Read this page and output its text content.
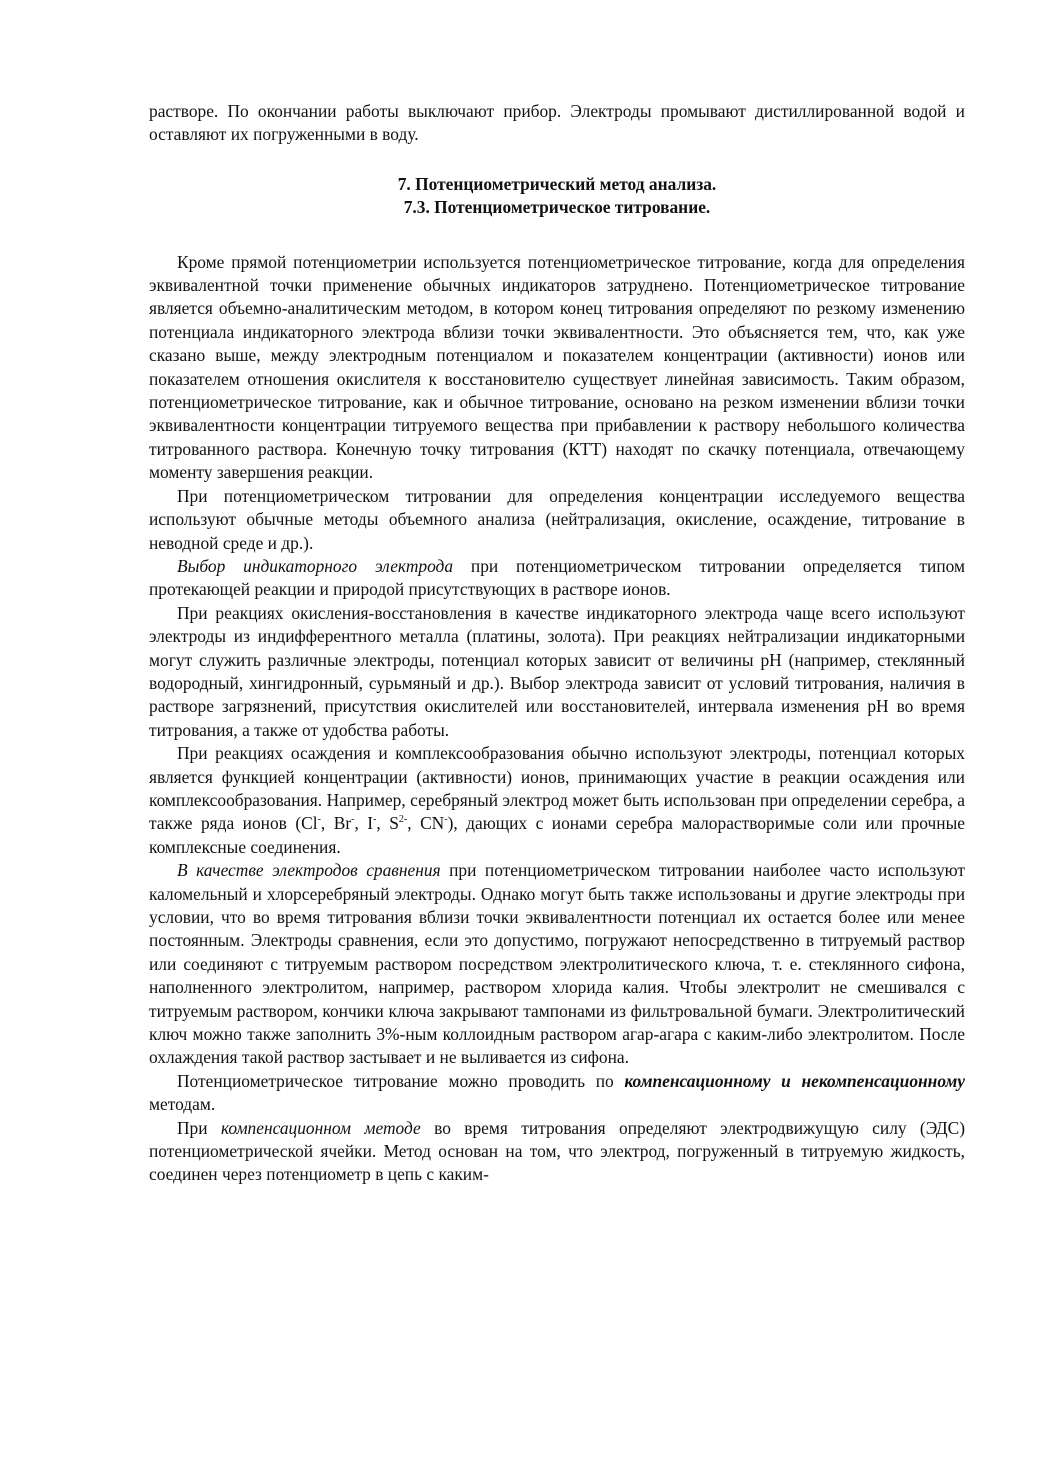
растворе. По окончании работы выключают прибор. Электроды промывают дистиллированной водой и оставляют их погруженными в воду.

7. Потенциометрический метод анализа.
7.3. Потенциометрическое титрование.

Кроме прямой потенциометрии используется потенциометрическое титрование, когда для определения эквивалентной точки применение обычных индикаторов затруднено. Потенциометрическое титрование является объемно-аналитическим методом, в котором конец титрования определяют по резкому изменению потенциала индикаторного электрода вблизи точки эквивалентности. Это объясняется тем, что, как уже сказано выше, между электродным потенциалом и показателем концентрации (активности) ионов или показателем отношения окислителя к восстановителю существует линейная зависимость. Таким образом, потенциометрическое титрование, как и обычное титрование, основано на резком изменении вблизи точки эквивалентности концентрации титруемого вещества при прибавлении к раствору небольшого количества титрованного раствора. Конечную точку титрования (КТТ) находят по скачку потенциала, отвечающему моменту завершения реакции.

При потенциометрическом титровании для определения концентрации исследуемого вещества используют обычные методы объемного анализа (нейтрализация, окисление, осаждение, титрование в неводной среде и др.).

Выбор индикаторного электрода при потенциометрическом титровании определяется типом протекающей реакции и природой присутствующих в растворе ионов.

При реакциях окисления-восстановления в качестве индикаторного электрода чаще всего используют электроды из индифферентного металла (платины, золота). При реакциях нейтрализации индикаторными могут служить различные электроды, потенциал которых зависит от величины pH (например, стеклянный водородный, хингидронный, сурьмяный и др.). Выбор электрода зависит от условий титрования, наличия в растворе загрязнений, присутствия окислителей или восстановителей, интервала изменения pH во время титрования, а также от удобства работы.

При реакциях осаждения и комплексообразования обычно используют электроды, потенциал которых является функцией концентрации (активности) ионов, принимающих участие в реакции осаждения или комплексообразования. Например, серебряный электрод может быть использован при определении серебра, а также ряда ионов (Cl-, Br-, I-, $S^{2-}$, CN-), дающих с ионами серебра малорастворимые соли или прочные комплексные соединения.

В качестве электродов сравнения при потенциометрическом титровании наиболее часто используют каломельный и хлорсеребряный электроды. Однако могут быть также использованы и другие электроды при условии, что во время титрования вблизи точки эквивалентности потенциал их остается более или менее постоянным. Электроды сравнения, если это допустимо, погружают непосредственно в титруемый раствор или соединяют с титруемым раствором посредством электролитического ключа, т. е. стеклянного сифона, наполненного электролитом, например, раствором хлорида калия. Чтобы электролит не смешивался с титруемым раствором, кончики ключа закрывают тампонами из фильтровальной бумаги. Электролитический ключ можно также заполнить 3%-ным коллоидным раствором агар-агара с каким-либо электролитом. После охлаждения такой раствор застывает и не выливается из сифона.

Потенциометрическое титрование можно проводить по компенсационному и некомпенсационному методам.

При компенсационном методе во время титрования определяют электродвижущую силу (ЭДС) потенциометрической ячейки. Метод основан на том, что электрод, погруженный в титруемую жидкость, соединен через потенциометр в цепь с каким-
